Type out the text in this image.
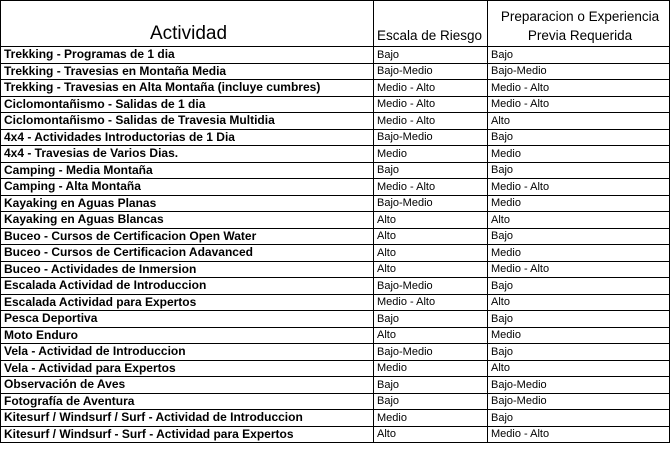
Actividad	Escala de Riesgo	Preparacion o Experiencia
Previa Requerida
Trekking - Programas de 1 dia	Bajo	Bajo
Trekking - Travesias en Montaña Media	Bajo-Medio	Bajo-Medio
Trekking - Travesias en Alta Montaña (incluye cumbres)	Medio - Alto	Medio - Alto
Ciclomontañismo - Salidas de 1 dia	Medio - Alto	Medio - Alto
Ciclomontañismo - Salidas de Travesia Multidia	Medio - Alto	Alto
4x4 - Actividades Introductorias de 1 Dia	Bajo-Medio	Bajo
4x4 - Travesias de Varios Dias.	Medio	Medio
Camping - Media Montaña	Bajo	Bajo
Camping - Alta Montaña	Medio - Alto	Medio - Alto
Kayaking en Aguas Planas	Bajo-Medio	Medio
Kayaking en Aguas Blancas	Alto	Alto
Buceo - Cursos de Certificacion Open Water	Alto	Bajo
Buceo - Cursos de Certificacion Adavanced	Alto	Medio
Buceo - Actividades de Inmersion	Alto	Medio - Alto
Escalada Actividad de Introduccion	Bajo-Medio	Bajo
Escalada Actividad para Expertos	Medio - Alto	Alto
Pesca Deportiva	Bajo	Bajo
Moto Enduro	Alto	Medio
Vela - Actividad de Introduccion	Bajo-Medio	Bajo
Vela - Actividad para Expertos	Medio	Alto
Observación de Aves	Bajo	Bajo-Medio
Fotografía de Aventura	Bajo	Bajo-Medio
Kitesurf / Windsurf / Surf - Actividad de Introduccion	Medio	Bajo
Kitesurf / Windsurf - Surf - Actividad para Expertos	Alto	Medio - Alto
